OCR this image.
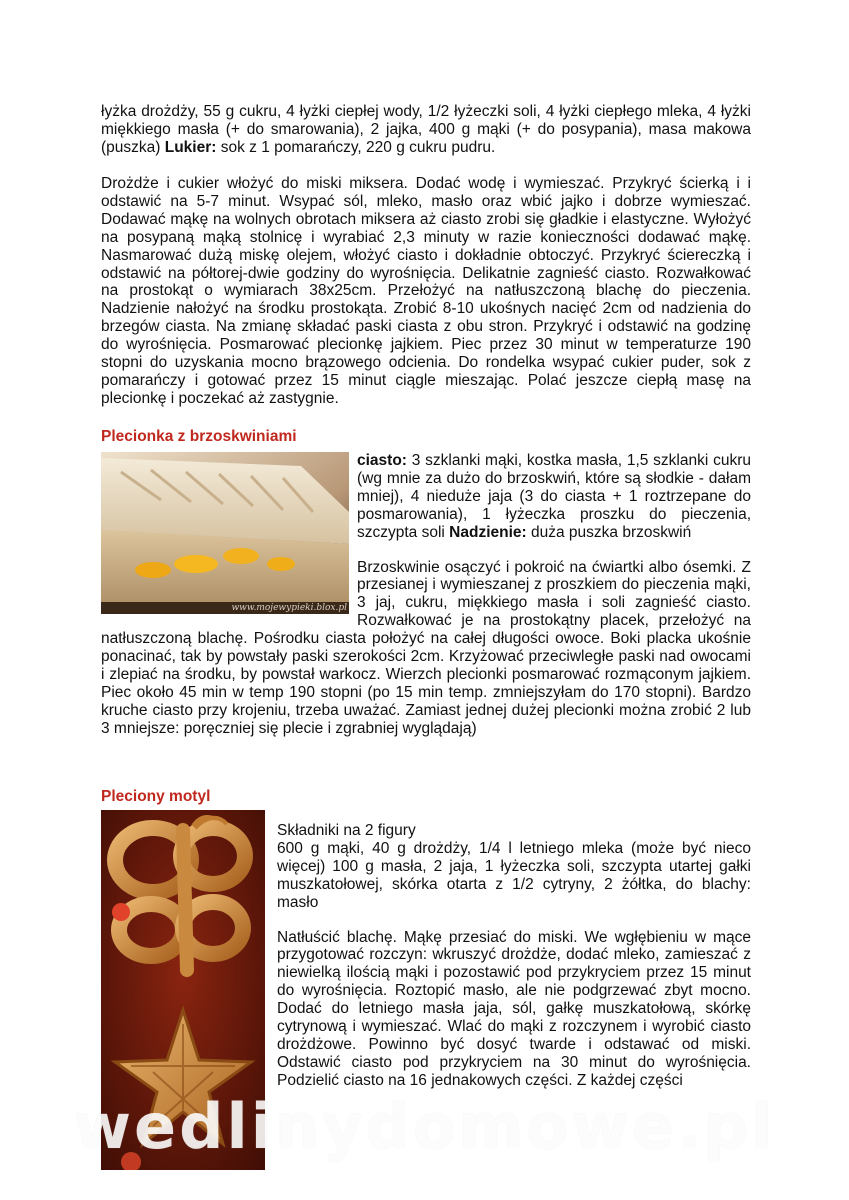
łyżka drożdży, 55 g cukru, 4 łyżki ciepłej wody, 1/2 łyżeczki soli, 4 łyżki ciepłego mleka, 4 łyżki miękkiego masła (+ do smarowania), 2 jajka, 400 g mąki (+ do posypania), masa makowa (puszka) Lukier: sok z 1 pomarańczy, 220 g cukru pudru.

Drożdże i cukier włożyć do miski miksera. Dodać wodę i wymieszać. Przykryć ścierką i i odstawić na 5-7 minut. Wsypać sól, mleko, masło oraz wbić jajko i dobrze wymieszać. Dodawać mąkę na wolnych obrotach miksera aż ciasto zrobi się gładkie i elastyczne. Wyłożyć na posypaną mąką stolnicę i wyrabiać 2,3 minuty w razie konieczności dodawać mąkę. Nasmarować dużą miskę olejem, włożyć ciasto i dokładnie obtoczyć. Przykryć ściereczką i odstawić na półtorej-dwie godziny do wyrośnięcia. Delikatnie zagnieść ciasto. Rozwałkować na prostokąt o wymiarach 38x25cm. Przełożyć na natłuszczoną blachę do pieczenia. Nadzienie nałożyć na środku prostokąta. Zrobić 8-10 ukośnych nacięć 2cm od nadzienia do brzegów ciasta. Na zmianę składać paski ciasta z obu stron. Przykryć i odstawić na godzinę do wyrośnięcia. Posmarować plecionkę jajkiem. Piec przez 30 minut w temperaturze 190 stopni do uzyskania mocno brązowego odcienia. Do rondelka wsypać cukier puder, sok z pomarańczy i gotować przez 15 minut ciągle mieszając. Polać jeszcze ciepłą masę na plecionkę i poczekać aż zastygnie.

Plecionka z brzoskwiniami
www.mojewypieki.blox.pl

ciasto: 3 szklanki mąki, kostka masła, 1,5 szklanki cukru (wg mnie za dużo do brzoskwiń, które są słodkie - dałam mniej), 4 nieduże jaja (3 do ciasta + 1 roztrzepane do posmarowania), 1 łyżeczka proszku do pieczenia, szczypta soli Nadzienie: duża puszka brzoskwiń

Brzoskwinie osączyć i pokroić na ćwiartki albo ósemki. Z przesianej i wymieszanej z proszkiem do pieczenia mąki, 3 jaj, cukru, miękkiego masła i soli zagnieść ciasto. Rozwałkować je na prostokątny placek, przełożyć na natłuszczoną blachę. Pośrodku ciasta położyć na całej długości owoce. Boki placka ukośnie ponacinać, tak by powstały paski szerokości 2cm. Krzyżować przeciwległe paski nad owocami i zlepiać na środku, by powstał warkocz. Wierzch plecionki posmarować rozmąconym jajkiem. Piec około 45 min w temp 190 stopni (po 15 min temp. zmniejszyłam do 170 stopni). Bardzo kruche ciasto przy krojeniu, trzeba uważać. Zamiast jednej dużej plecionki można zrobić 2 lub 3 mniejsze: poręczniej się plecie i zgrabniej wyglądają)

Pleciony motyl

Składniki na 2 figury

600 g mąki, 40 g drożdży, 1/4 l letniego mleka (może być nieco więcej) 100 g masła, 2 jaja, 1 łyżeczka soli, szczypta utartej gałki muszkatołowej, skórka otarta z 1/2 cytryny, 2 żółtka, do blachy: masło

Natłuścić blachę. Mąkę przesiać do miski. We wgłębieniu w mące przygotować rozczyn: wkruszyć drożdże, dodać mleko, zamieszać z niewielką ilością mąki i pozostawić pod przykryciem przez 15 minut do wyrośnięcia. Roztopić masło, ale nie podgrzewać zbyt mocno. Dodać do letniego masła jaja, sól, gałkę muszkatołową, skórkę cytrynową i wymieszać. Wlać do mąki z rozczynem i wyrobić ciasto drożdżowe. Powinno być dosyć twarde i odstawać od miski. Odstawić ciasto pod przykryciem na 30 minut do wyrośnięcia. Podzielić ciasto na 16 jednakowych części. Z każdej części

wedlinydomowe.pl
